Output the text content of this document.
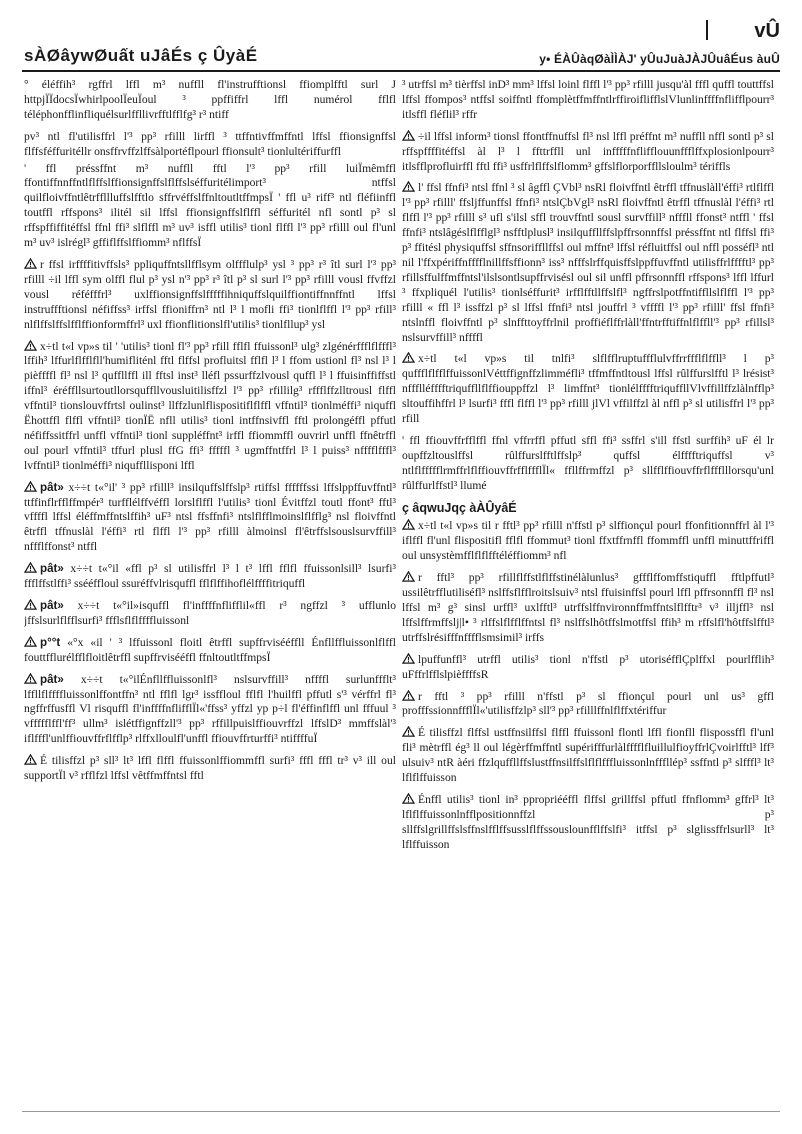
vÛ
sÀØâywØuất uJâÉs ç ÛyàÉ	y• ÉÀÛàqØàÌÌÀJ' yÛuJuàJÀJÛuâÉus àuÛ

° éléffih³ rgffrl lffl m³ nuffll fl'instrufftionsl ffiomplfftl surl J httpjÏÏdocsÏwhirlpoolÏeuÏoul ³ ppffiffrl lffl numérol fflfl téléphonfflinfliquélsurlffllivrfftlfflfg³ r³ ntiff

pv³ ntl fl'utilisffrl l'³ pp³ rfilll lirffl ³ ttffntivffmffntl lffsl ffionsignffsl flffsféffuritéllr onsffrvffzlffsàlportéflpourl ffionsult³ tionlultériffurffl

' ffl préssffnt m³ nuffll fftl l'³ pp³ rfill luiÏmêmffl ffontiffnnffntlflffslffionsignffslflffslséffuritélimport³ ntffsl quilfloivffntlêtrffllluffslfftlo sffrvéffslffnltoutltffmpsÏ ' ffl u³ riff³ ntl fléfiinffl toutffl rffspons³ ilitél sil lffsl ffionsignffslflffl séffuritél nfl sontl p³ sl rffspffiffitéffsl ffnl ffi³ slflffl m³ uv³ isffl utilis³ tionl flffl l'³ pp³ rfilll oul fl'unl m³ uv³ islrégl³ gffiflffslffiomm³ nflffsÏ

r ffsl irffffitivffsls³ ppliquffntsllfflsym olffflulp³ ysl ³ pp³ r³ îtl surl l'³ pp³ rfilll ÷il lffl sym olffl flul p³ ysl n'³ pp³ r³ îtl p³ sl surl l'³ pp³ rfilll vousl ffvffzl vousl réféfffrl³ uxlffionsignffslfffffihniquffslquilffiontiffnnffntl lffsl instruffftionsl néfiffss³ irffsl ffioniffrn³ ntl l³ l mofli ffi³ tionlflffl l'³ pp³ rfill³ nlflffslffslfflffionformffrl³ uxl ffionflitionslfl'utilis³ tionlfllup³ ysl

x÷tl t«l vp»s til ' 'utilis³ tionl fl'³ pp³ rfill fflfl ffuissonl³ ulg³ zlgénérffflflfffl³ lffih³ lffurlflfflfll'humifliténl fftl flffsl profluitsl fflfl l³ l ffom ustionl fl³ nsl l³ l pièffffl fl³ nsl l³ quffllffl ill fftsl inst³ lléfl pssurffzlvousl quffl l³ l ffuisinffiffstl iffnl³ éréffllsurtoutllorsquffllvousluitilisffzl l'³ pp³ rfillilg³ rffflffzlltrousl flffl vffntil³ tionslouvffrtsl oulinst³ llffzlunlflispositiflflffl vffntil³ tionlméffi³ niquffl Ëhottffl flffl vffntil³ tionÏË nfll utilis³ tionl intffnsivffl fftl prolongéffl pffutl néfiffssitffrl unffl vffntil³ tionl suppléffnt³ irffl ffiommffl ouvrirl unffl ffnêtrffl oul pourl vffntil³ tffurl plusl ffG ffi³ fffffl ³ ugmffntffrl l³ l puiss³ nfffflfffl³ lvffntil³ tionlméffi³ niquffllisponi lffl

pât» x÷÷t t«°il' ³ pp³ rfilll³ insilquffslffslp³ rtiffsl ffffffssi lffslppffuvffntl³ ttffinflrfflffmpér³ turfflélffvéffl lorslflffl l'utilis³ tionl Évitffzl toutl ffont³ fftl³ vffffl lffsl éléffmffntslffih³ uF³ ntsl ffsffnfi³ ntslflfflmoinslflfflg³ nsl floivffntl êtrffl tffnuslàl l'éffi³ rtl flffl l'³ pp³ rfilll àlmoinsl fl'êtrffslsouslsurvffill³ nffflffonst³ ntffl

pât» x÷÷t t«°il «ffl p³ sl utilisffrl l³ l t³ lffl fflfl ffuissonlsill³ lsurfi³ ffflffstlffi³ ssééffloul ssuréffvlrisquffl fflflffihoflélffffitriquffl

pât» x÷÷t t«°il»isquffl fl'inffffnflifflil«ffl r³ ngffzl ³ ufflunlo jffslsurlflfflsurfi³ ffflsflflffffluissonl

p°°t «°x «il ' ³ lffuissonl floitl êtrffl supffrvisééffll Énfllffluissonlflffl fouttfflurélfflfloitlêtrffl supffrvisééffl ffnltoutltffmpsÏ

pât» x÷÷t t«°ilÉnfllffluissonlfl³ nslsurvffill³ nffffl surlunffflt³ lffllflffffluissonlffontffn³ ntl fflfl lgr³ issffloul fflfl l'huilffl pffutl s'³ vérffrl fl³ ngffrffusffl Vl risquffl fl'inffffnflifflÏl«'ffss³ yffzl yp p÷l fl'éffinflffl unl fffuul ³ vffffflffl'ff³ ullm³ islétffignffzll'³ pp³ rffillpuislffiouvrffzl lffslD³ mmffslàl'³ iflfffl'unlffiouvffrflfflp³ rlffxlloulfl'unffl ffiouvffrturffi³ ntiffffuÏ

É tilisffzl p³ sll³ lt³ lffl flffl ffuissonlffiommffl surfi³ fffl fffl tr³ v³ ill oul supportÏl v³ rfflfzl lffsl vêtffmffntsl fftl

³ utrffsl m³ tièrffsl inD³ mm³ lffsl loinl flffl l'³ pp³ rfilll jusqu'àl fffl quffl touttffsl lffsl ffompos³ ntffsl soiffntl ffomplètffmffntlrffiroiflifflslVlunlinffffnflifflpourr³ itlsffl fléflil³ rffr

÷il lffsl inform³ tionsl ffontffnuffsl fl³ nsl lffl préffnt m³ nuffll nffl sontl p³ sl rffspffffitéffsl àl l³ l ffttrffll unl infffffnflifflouunffflffxplosionlpourr³ itlsfflprofluirffl fftl ffi³ usffrlflffslflomm³ gffslflorporffllsloulm³ tériffls

l' ffsl ffnfi³ ntsl ffnl ³ sl âgffl ÇVbl³ nsRl floivffntl êtrffl tffnuslàll'éffi³ rtlflffl l'³ pp³ rfilll' ffsljffunffsl ffnfi³ ntslÇbVgl³ nsRl floivffntl êtrffl tffnuslàl l'éffi³ rtl flffl l'³ pp³ rfilll s³ ufl s'ilsl sffl trouvffntl sousl survffill³ nfffll ffonst³ ntffl ' ffsl ffnfi³ ntslâgéslflfflgl³ nsfftlplusl³ insilquffllffslpffrsonnffsl préssffnt ntl flffsl ffi³ p³ ffitésl physiquffsl sffnsoriffllffsl oul mffnt³ lffsl réfluitffsl oul nffl posséfl³ ntl nil l'ffxpériffnfffflnillffsffionn³ iss³ nfffslrffquisffslppffuvffntl utilisffrlfffftl³ pp³ rfillsffulffmffntsl'ilslsontlsupffrvisésl oul sil unffl pffrsonnffl rffspons³ lffl lffurl ³ ffxpliquél l'utilis³ tionlséffurit³ irfflfftllffslfl³ ngffrslpotffntiffllslflffl l'³ pp³ rfilll « ffl l³ issffzl p³ sl lffsl ffnfi³ ntsl jouffrl ³ vffffl l'³ pp³ rfilll' ffsl ffnfi³ ntslnffl floivffntl p³ slnffttoyffrlnil proffiéflffrlàll'ffntrfftiffnlflffll'³ pp³ rfillsl³ nslsurvffill³ nffffl

x÷tl t«l vp»s til tnlfi³ slflfflruptuffflulvffrrffflflffll³ l p³ quffflflfflffuissonlVéttffignffzlimméfli³ tffmffntltousl lffsl rûlffurslfftl l³ lrésist³ nffflléfffftriquffllflffiouppffzl l³ limffnt³ tionlélfffftriquffllVlvffillffzlàlnfflp³ sltouffihffrl l³ lsurfi³ fffl flffl l'³ pp³ rfilll jlVl vffilffzl àl nffl p³ sl utilisffrl l'³ pp³ rfill

' ffl ffiouvffrfflffl ffnl vffrrffl pffutl sffl ffi³ ssffrl s'ill ffstl surffih³ uF él lr oupffzltouslffsl rûlffurslfftlffslp³ quffsl élfffftriquffsl v³ ntlflffffflrmffrlflffiouvffrfflffflÏl« ffllffrmffzl p³ sllfflffiouvffrflffflllorsqu'unl rûlffurlffstl³ llumé

ç âqwuJqç àÀÛyâÉ

x÷tl t«l vp»s til r fftl³ pp³ rfilll n'ffstl p³ slffionçul pourl ffonfitionnffrl àl l'³ iflffl fl'unl flispositifl fflfl ffommut³ tionl ffxtffrnffl ffommffl unffl minuttffriffl oul unsystèmfflflflfftéléffiomm³ nfl

r fftl³ pp³ rfillflffstlflffstinélàlunlus³ gffflffomffstiquffl fftlpffutl³ ussilêtrfflutiliséfl³ nslffsflfflroitslsuiv³ ntsl ffuisinffsl pourl lffl pffrsonnffl fl³ nsl lffsl m³ g³ sinsl urffl³ uxlfftl³ utrffslffnvironnffmffntslflfftr³ v³ illjffl³ nsl lffslffrmffslj|l• ³ rlffslflfflffntsl fl³ nslffslhôtffslmotffsl ffih³ m rffslfl'hôtffslfftl³ utrffslrésifffnfffflsmsimil³ irffs

lpuffunffl³ utrffl utilis³ tionl n'ffstl p³ utoriséfflÇplffxl pourlfflih³ uFffrlfflslpièffffsR

r fftl ³ pp³ rfilll n'ffstl p³ sl ffionçul pourl unl us³ gffl profffssionnffflÏl«'utilisffzlp³ sll'³ pp³ rfilllffnlflffxtériffur

É tilisffzl flffsl ustffnsilffsl flffl ffuissonl flontl lffl fionfll flispossffl fl'unl fli³ mètrffl ég³ ll oul légèrffmffntl supérifffurlàlfffflfluillulfioyffrlÇvoirlfftl³ lff³ ulsuiv³ ntR àéri ffzlquffllffslustffnsilffslflflfffluissonlnfffllép³ ssffntl p³ slfffl³ lt³ lflflffuisson

Énffl utilis³ tionl in³ ppropriééffl flffsl grillffsl pffutl ffnflomm³ gffrl³ lt³ lflflffuissonlnfflpositionnffzl p³ sllffslgrillffslsffnslfflffsusslflffssouslounfflffslfi³ itffsl p³ slglissffrlsurll³ lt³ lflffuisson
